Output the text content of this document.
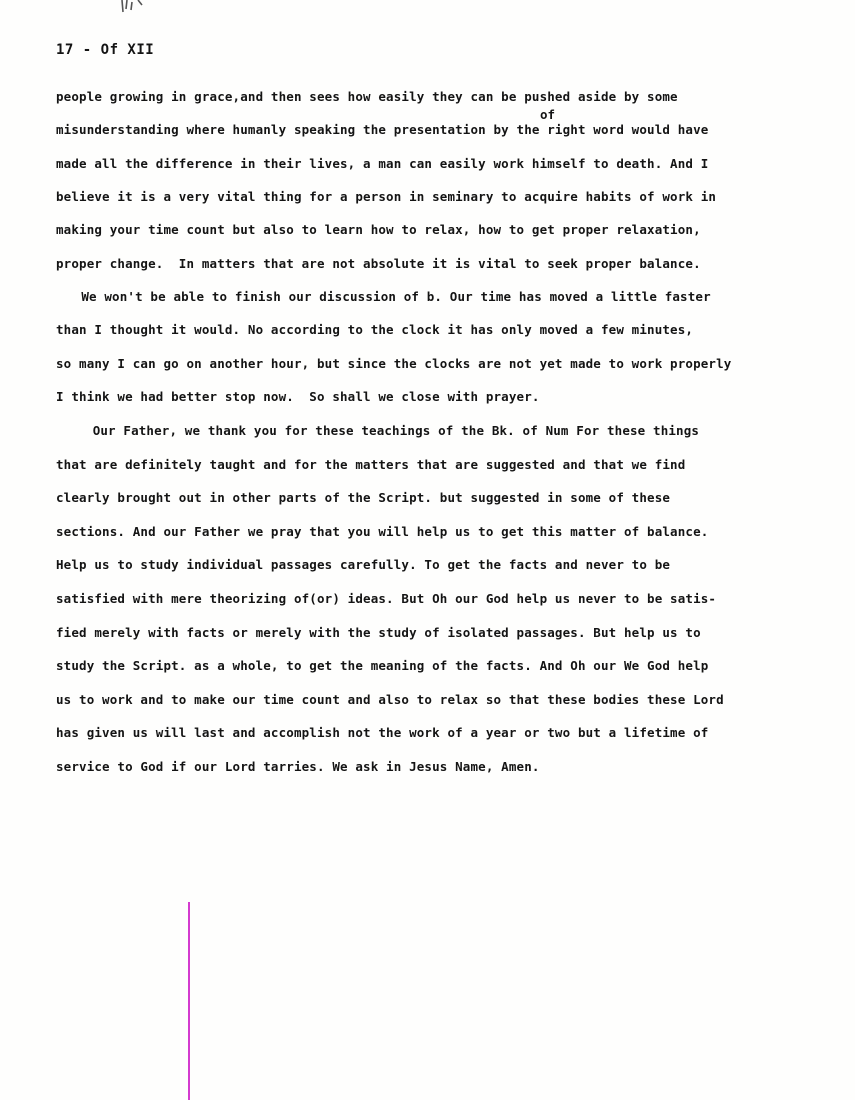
17 - Of XII
of

people growing in grace,and then sees how easily they can be pushed aside by some

misunderstanding where humanly speaking the presentation by the right word would have

made all the difference in their lives, a man can easily work himself to death. And I

believe it is a very vital thing for a person in seminary to acquire habits of work in

making your time count but also to learn how to relax, how to get proper relaxation,

proper change.  In matters that are not absolute it is vital to seek proper balance.

We won't be able to finish our discussion of b. Our time has moved a little faster

than I thought it would. No according to the clock it has only moved a few minutes,

so many I can go on another hour, but since the clocks are not yet made to work properly

I think we had better stop now.  So shall we close with prayer.

Our Father, we thank you for these teachings of the Bk. of Num For these things

that are definitely taught and for the matters that are suggested and that we find

clearly brought out in other parts of the Script. but suggested in some of these

sections. And our Father we pray that you will help us to get this matter of balance.

Help us to study individual passages carefully. To get the facts and never to be

satisfied with mere theorizing of(or) ideas. But Oh our God help us never to be satis-

fied merely with facts or merely with the study of isolated passages. But help us to

study the Script. as a whole, to get the meaning of the facts. And Oh our We God help

us to work and to make our time count and also to relax so that these bodies these Lord

has given us will last and accomplish not the work of a year or two but a lifetime of

service to God if our Lord tarries. We ask in Jesus Name, Amen.
